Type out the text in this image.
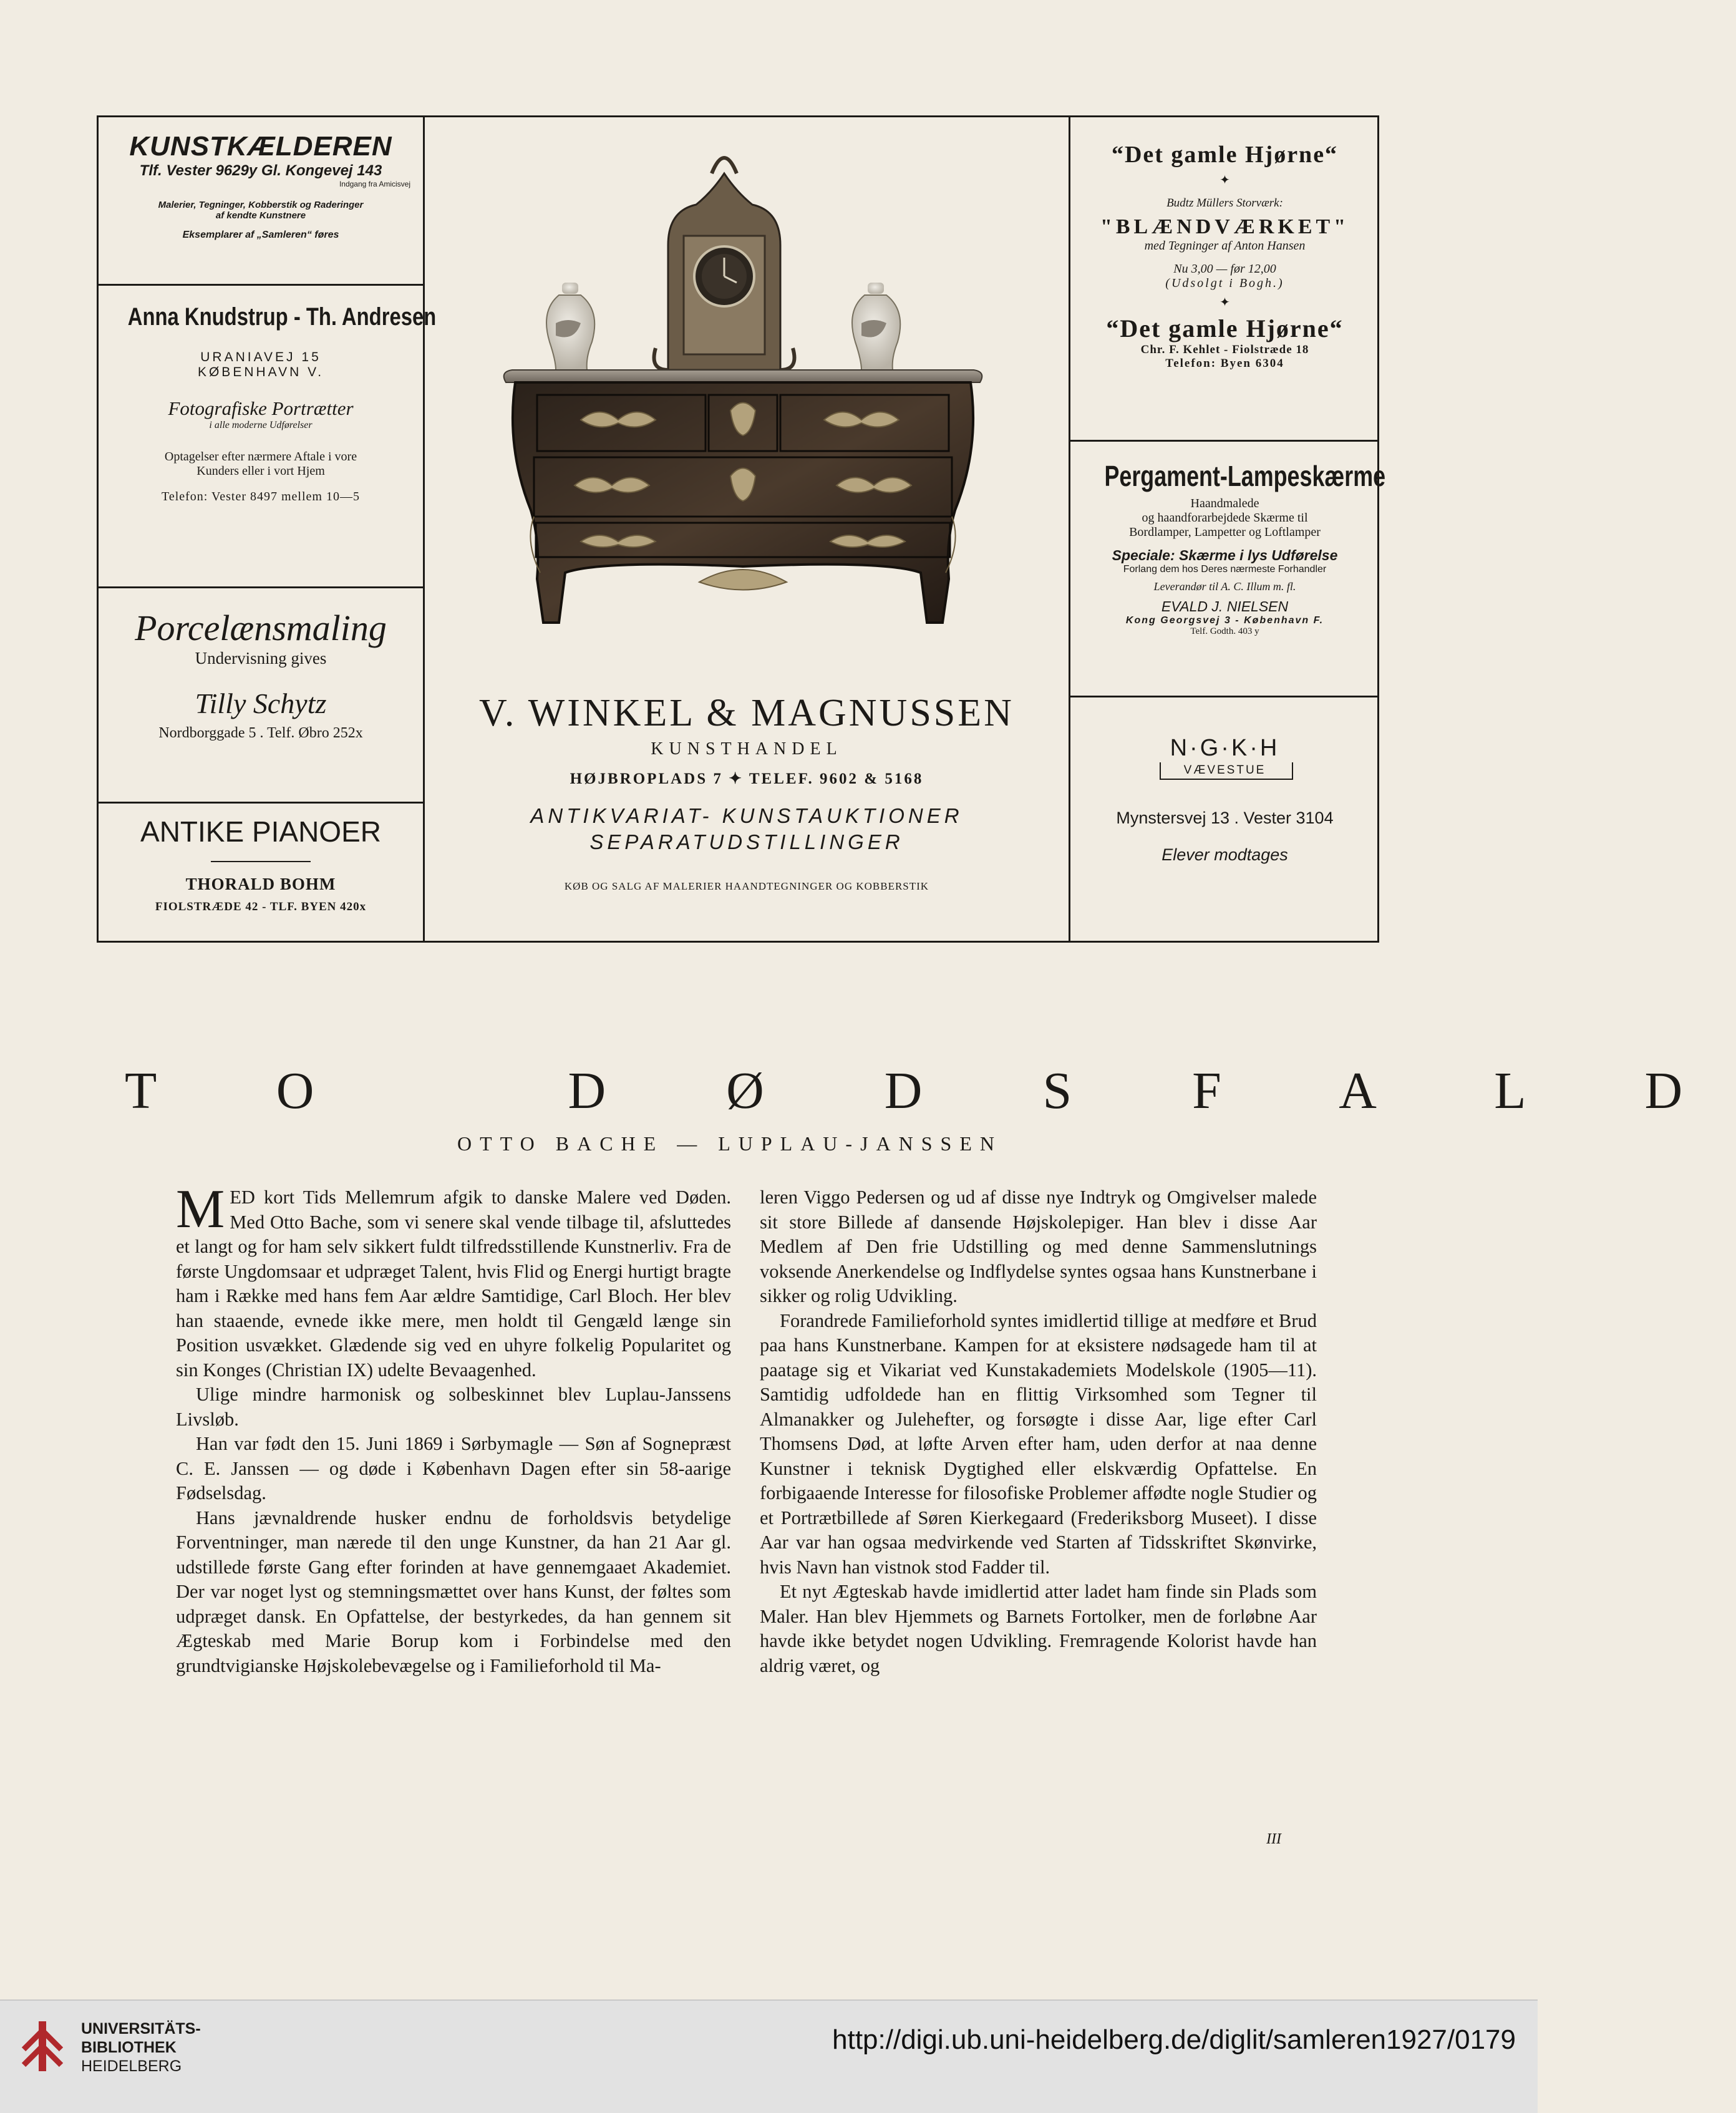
KUNSTKÆLDEREN
Tlf. Vester 9629y Gl. Kongevej 143
Indgang fra Amicisvej
Malerier, Tegninger, Kobberstik og Raderinger
af kendte Kunstnere
Eksemplarer af „Samleren“ føres
Anna Knudstrup - Th. Andresen
URANIAVEJ 15
KØBENHAVN V.
Fotografiske Portrætter
i alle moderne Udførelser
Optagelser efter nærmere Aftale i vore
Kunders eller i vort Hjem
Telefon: Vester 8497 mellem 10—5
Porcelænsmaling
Undervisning gives
Tilly Schytz
Nordborggade 5 . Telf. Øbro 252x
ANTIKE PIANOER
THORALD BOHM
FIOLSTRÆDE 42 - TLF. BYEN 420x
V. WINKEL & MAGNUSSEN
KUNSTHANDEL
HØJBROPLADS 7 ✦ TELEF. 9602 & 5168
ANTIKVARIAT- KUNSTAUKTIONER
SEPARATUDSTILLINGER
KØB OG SALG AF MALERIER HAANDTEGNINGER OG KOBBERSTIK
“Det gamle Hjørne“
✦
Budtz Müllers Storværk:
"BLÆNDVÆRKET"
med Tegninger af Anton Hansen
Nu 3,00 — før 12,00
(Udsolgt i Bogh.)
✦
“Det gamle Hjørne“
Chr. F. Kehlet - Fiolstræde 18
Telefon: Byen 6304
Pergament-Lampeskærme
Haandmalede
og haandforarbejdede Skærme til
Bordlamper, Lampetter og Loftlamper
Speciale: Skærme i lys Udførelse
Forlang dem hos Deres nærmeste Forhandler
Leverandør til A. C. Illum m. fl.
EVALD J. NIELSEN
Kong Georgsvej 3 - København F.
Telf. Godth. 403 y
N·G·K·H
VÆVESTUE
Mynstersvej 13 . Vester 3104
Elever modtages
T O   D Ø D S F A L D
OTTO BACHE — LUPLAU-JANSSEN

MED kort Tids Mellemrum afgik to danske Malere ved Døden. Med Otto Bache, som vi senere skal vende tilbage til, afsluttedes et langt og for ham selv sikkert fuldt tilfredsstillende Kunstnerliv. Fra de første Ungdomsaar et udpræget Talent, hvis Flid og Energi hurtigt bragte ham i Række med hans fem Aar ældre Samtidige, Carl Bloch. Her blev han staaende, evnede ikke mere, men holdt til Gengæld længe sin Position usvækket. Glædende sig ved en uhyre folkelig Popularitet og sin Konges (Christian IX) udelte Bevaagenhed.

Ulige mindre harmonisk og solbeskinnet blev Luplau-Janssens Livsløb.

Han var født den 15. Juni 1869 i Sørbymagle — Søn af Sognepræst C. E. Janssen — og døde i København Dagen efter sin 58-aarige Fødselsdag.

Hans jævnaldrende husker endnu de forholdsvis betydelige Forventninger, man nærede til den unge Kunstner, da han 21 Aar gl. udstillede første Gang efter forinden at have gennemgaaet Akademiet. Der var noget lyst og stemningsmættet over hans Kunst, der føltes som udpræget dansk. En Opfattelse, der bestyrkedes, da han gennem sit Ægteskab med Marie Borup kom i Forbindelse med den grundtvigianske Højskolebevægelse og i Familieforhold til Ma-

leren Viggo Pedersen og ud af disse nye Indtryk og Omgivelser malede sit store Billede af dansende Højskolepiger. Han blev i disse Aar Medlem af Den frie Udstilling og med denne Sammenslutnings voksende Anerkendelse og Indflydelse syntes ogsaa hans Kunstnerbane i sikker og rolig Udvikling.

Forandrede Familieforhold syntes imidlertid tillige at medføre et Brud paa hans Kunstnerbane. Kampen for at eksistere nødsagede ham til at paatage sig et Vikariat ved Kunstakademiets Modelskole (1905—11). Samtidig udfoldede han en flittig Virksomhed som Tegner til Almanakker og Julehefter, og forsøgte i disse Aar, lige efter Carl Thomsens Død, at løfte Arven efter ham, uden derfor at naa denne Kunstner i teknisk Dygtighed eller elskværdig Opfattelse. En forbigaaende Interesse for filosofiske Problemer affødte nogle Studier og et Portrætbillede af Søren Kierkegaard (Frederiksborg Museet). I disse Aar var han ogsaa medvirkende ved Starten af Tidsskriftet Skønvirke, hvis Navn han vistnok stod Fadder til.

Et nyt Ægteskab havde imidlertid atter ladet ham finde sin Plads som Maler. Han blev Hjemmets og Barnets Fortolker, men de forløbne Aar havde ikke betydet nogen Udvikling. Fremragende Kolorist havde han aldrig været, og

III
UNIVERSITÄTS-
BIBLIOTHEK
HEIDELBERG
http://digi.ub.uni-heidelberg.de/diglit/samleren1927/0179
